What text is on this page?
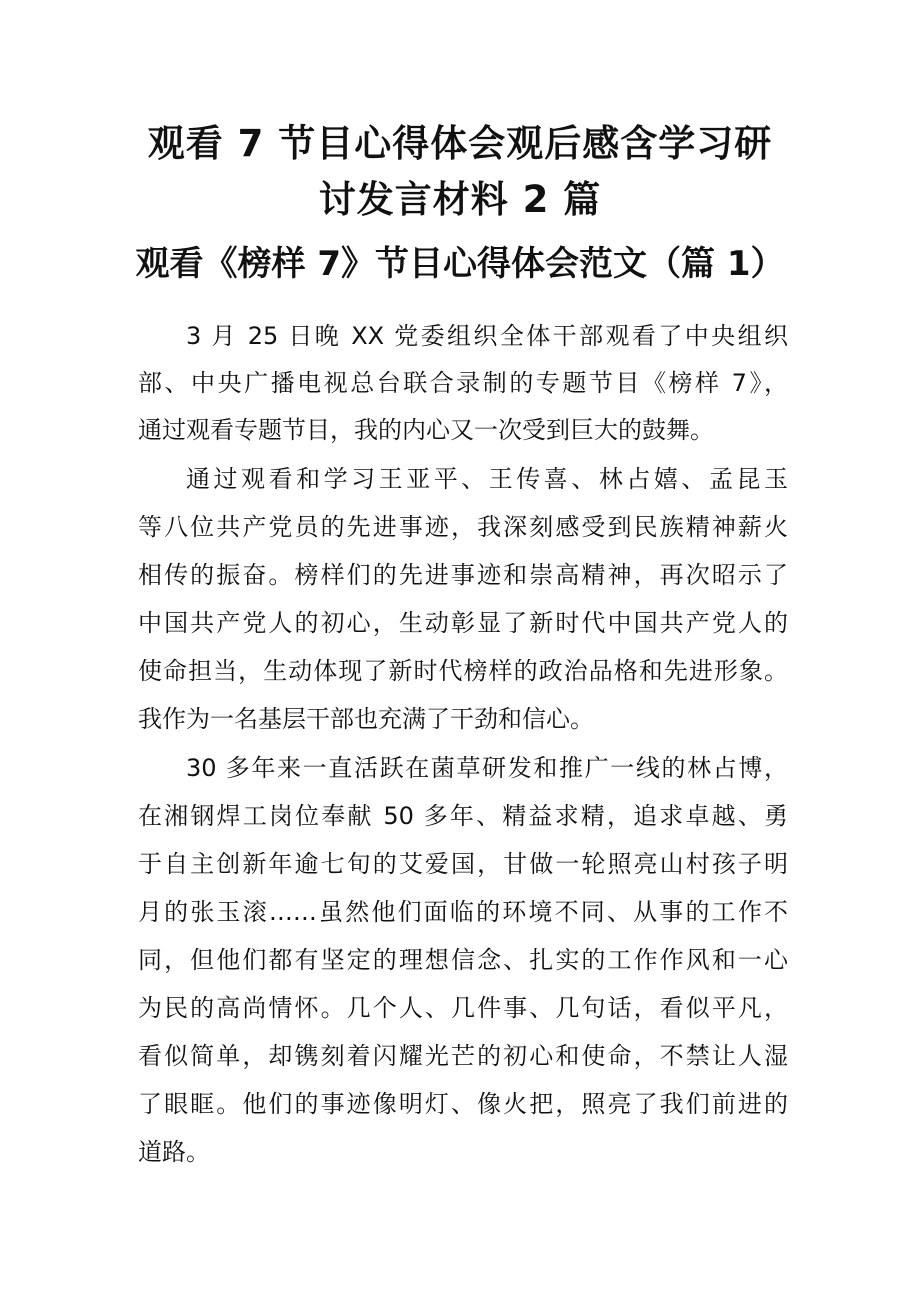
观看 7 节目心得体会观后感含学习研
讨发言材料 2 篇
观看《榜样 7》节目心得体会范文（篇 1）
3 月 25 日晚 XX 党委组织全体干部观看了中央组织
部、中央广播电视总台联合录制的专题节目《榜样 7》，
通过观看专题节目，我的内心又一次受到巨大的鼓舞。
通过观看和学习王亚平、王传喜、林占嬉、孟昆玉
等八位共产党员的先进事迹，我深刻感受到民族精神薪火
相传的振奋。榜样们的先进事迹和崇高精神，再次昭示了
中国共产党人的初心，生动彰显了新时代中国共产党人的
使命担当，生动体现了新时代榜样的政治品格和先进形象。
我作为一名基层干部也充满了干劲和信心。
30 多年来一直活跃在菌草研发和推广一线的林占博，
在湘钢焊工岗位奉献 50 多年、精益求精，追求卓越、勇
于自主创新年逾七旬的艾爱国，甘做一轮照亮山村孩子明
月的张玉滚……虽然他们面临的环境不同、从事的工作不
同，但他们都有坚定的理想信念、扎实的工作作风和一心
为民的高尚情怀。几个人、几件事、几句话，看似平凡，
看似简单，却镌刻着闪耀光芒的初心和使命，不禁让人湿
了眼眶。他们的事迹像明灯、像火把，照亮了我们前进的
道路。
